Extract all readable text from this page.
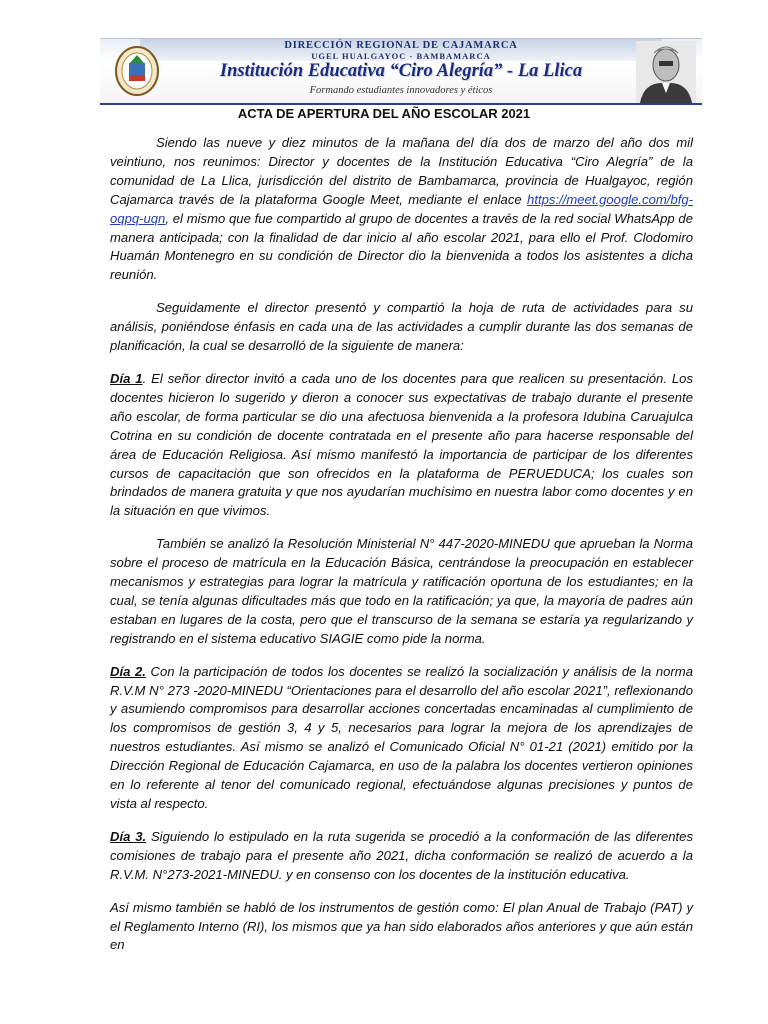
DIRECCIÓN REGIONAL DE CAJAMARCA
UGEL HUALGAYOC - BAMBAMARCA
Institución Educativa “Ciro Alegría” - La Llica
Formando estudiantes innovadores y éticos
ACTA DE APERTURA DEL AÑO ESCOLAR 2021

Siendo las nueve y diez minutos de la mañana del día dos de marzo del año dos mil veintiuno, nos reunimos: Director y docentes de la Institución Educativa “Ciro Alegría” de la comunidad de La Llica, jurisdicción del distrito de Bambamarca, provincia de Hualgayoc, región Cajamarca través de la plataforma Google Meet, mediante el enlace https://meet.google.com/bfg-oqpq-uqn, el mismo que fue compartido al grupo de docentes a través de la red social WhatsApp de manera anticipada; con la finalidad de dar inicio al año escolar 2021, para ello el Prof. Clodomiro Huamán Montenegro en su condición de Director dio la bienvenida a todos los asistentes a dicha reunión.

Seguidamente el director presentó y compartió la hoja de ruta de actividades para su análisis, poniéndose énfasis en cada una de las actividades a cumplir durante las dos semanas de planificación, la cual se desarrolló de la siguiente de manera:

Día 1. El señor director invitó a cada uno de los docentes para que realicen su presentación. Los docentes hicieron lo sugerido y dieron a conocer sus expectativas de trabajo durante el presente año escolar, de forma particular se dio una afectuosa bienvenida a la profesora Idubina Caruajulca Cotrina en su condición de docente contratada en el presente año para hacerse responsable del área de Educación Religiosa. Así mismo manifestó la importancia de participar de los diferentes cursos de capacitación que son ofrecidos en la plataforma de PERUEDUCA; los cuales son brindados de manera gratuita y que nos ayudarían muchísimo en nuestra labor como docentes y en la situación en que vivimos.

También se analizó la Resolución Ministerial N° 447-2020-MINEDU que aprueban la Norma sobre el proceso de matrícula en la Educación Básica, centrándose la preocupación en establecer mecanismos y estrategias para lograr la matrícula y ratificación oportuna de los estudiantes; en la cual, se tenía algunas dificultades más que todo en la ratificación; ya que, la mayoría de padres aún estaban en lugares de la costa, pero que el transcurso de la semana se estaría ya regularizando y registrando en el sistema educativo SIAGIE como pide la norma.

Día 2. Con la participación de todos los docentes se realizó la socialización y análisis de la norma R.V.M N° 273 -2020-MINEDU “Orientaciones para el desarrollo del año escolar 2021”, reflexionando y asumiendo compromisos para desarrollar acciones concertadas encaminadas al cumplimiento de los compromisos de gestión 3, 4 y 5, necesarios para lograr la mejora de los aprendizajes de nuestros estudiantes. Así mismo se analizó el Comunicado Oficial N° 01-21 (2021) emitido por la Dirección Regional de Educación Cajamarca, en uso de la palabra los docentes vertieron opiniones en lo referente al tenor del comunicado regional, efectuándose algunas precisiones y puntos de vista al respecto.

Día 3. Siguiendo lo estipulado en la ruta sugerida se procedió a la conformación de las diferentes comisiones de trabajo para el presente año 2021, dicha conformación se realizó de acuerdo a la R.V.M. N°273-2021-MINEDU. y en consenso con los docentes de la institución educativa.

Así mismo también se habló de los instrumentos de gestión como: El plan Anual de Trabajo (PAT) y el Reglamento Interno (RI), los mismos que ya han sido elaborados años anteriores y que aún están en
